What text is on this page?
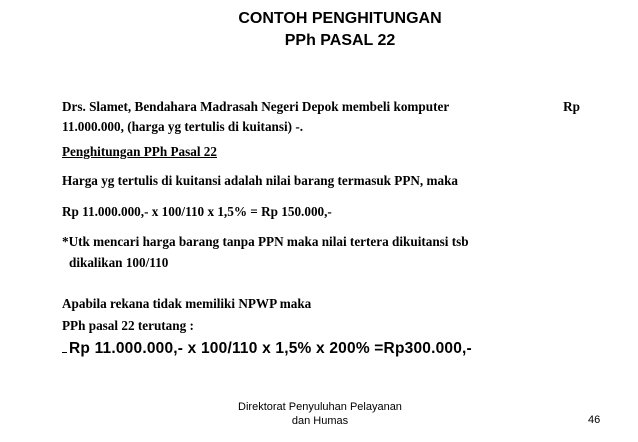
CONTOH PENGHITUNGAN
PPh PASAL 22
Drs. Slamet, Bendahara Madrasah Negeri Depok membeli komputer	Rp
11.000.000, (harga yg tertulis di kuitansi) -.
Penghitungan PPh Pasal 22
Harga yg tertulis di kuitansi adalah nilai barang termasuk PPN, maka
Rp 11.000.000,- x 100/110 x 1,5% = Rp 150.000,-
*Utk mencari harga barang tanpa PPN maka nilai tertera dikuitansi tsb
dikalikan 100/110
Apabila rekana tidak memiliki NPWP maka
PPh pasal 22 terutang :
Rp 11.000.000,- x 100/110 x 1,5% x 200% =Rp300.000,-
Direktorat Penyuluhan Pelayanan
dan Humas	46
